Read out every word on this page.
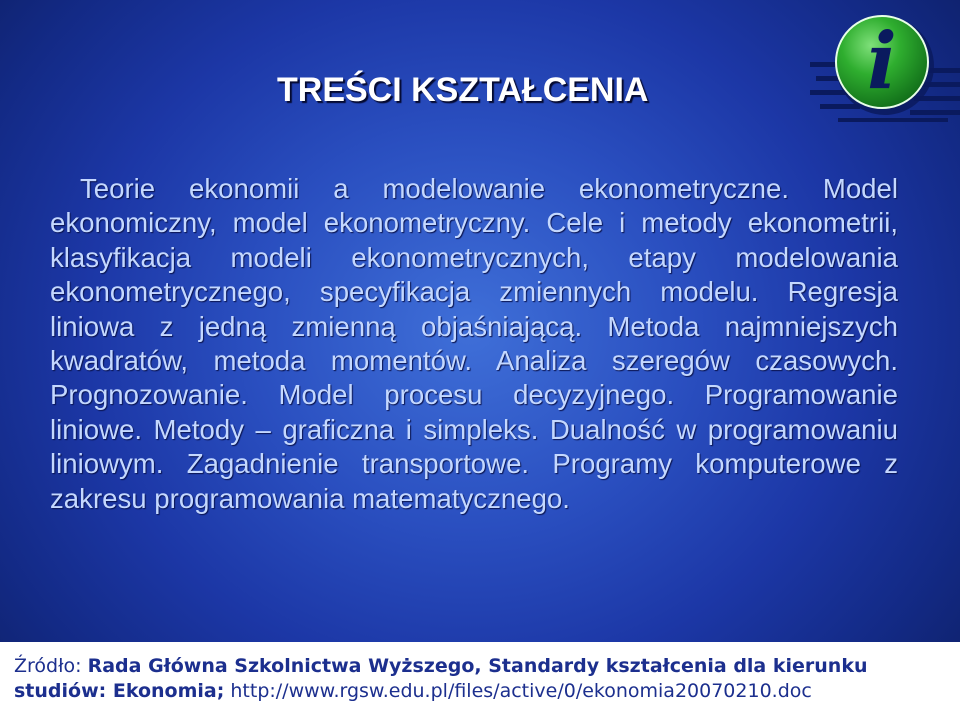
TREŚCI KSZTAŁCENIA	i

Teorie ekonomii a modelowanie ekonometryczne. Model ekonomiczny, model ekonometryczny. Cele i metody ekonometrii, klasyfikacja modeli ekonometrycznych, etapy modelowania ekonometrycznego, specyfikacja zmiennych modelu. Regresja liniowa z jedną zmienną objaśniającą. Metoda najmniejszych kwadratów, metoda momentów. Analiza szeregów czasowych. Prognozowanie. Model procesu decyzyjnego. Programowanie liniowe. Metody – graficzna i simpleks. Dualność w programowaniu liniowym. Zagadnienie transportowe. Programy komputerowe z zakresu programowania matematycznego.

Źródło: Rada Główna Szkolnictwa Wyższego, Standardy kształcenia dla kierunku studiów: Ekonomia; http://www.rgsw.edu.pl/files/active/0/ekonomia20070210.doc
